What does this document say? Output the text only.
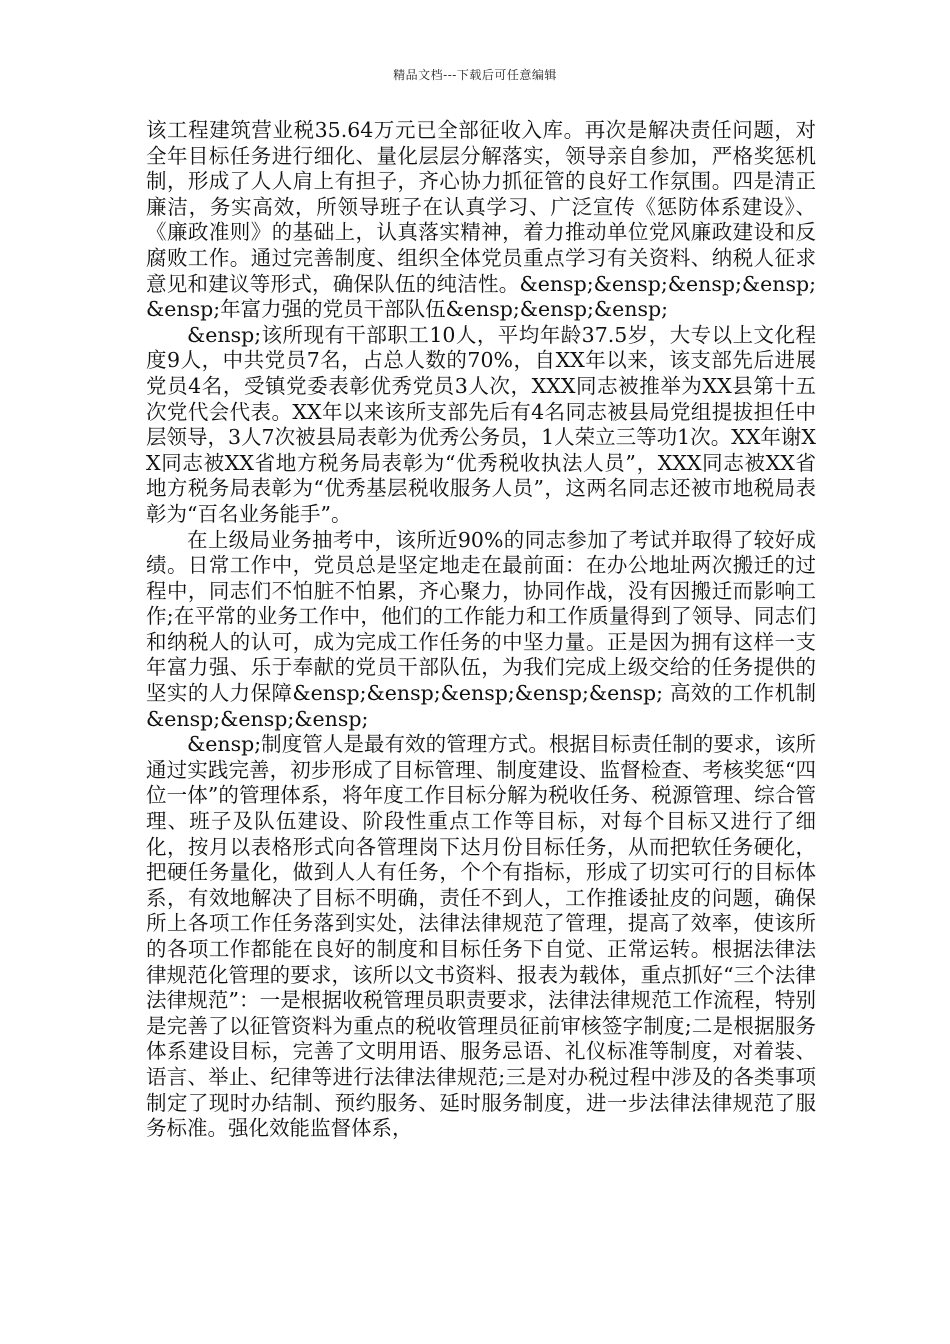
精品文档---下载后可任意编辑

该工程建筑营业税35.64万元已全部征收入库。再次是解决责任问题，对全年目标任务进行细化、量化层层分解落实，领导亲自参加，严格奖惩机制，形成了人人肩上有担子，齐心协力抓征管的良好工作氛围。四是清正廉洁，务实高效，所领导班子在认真学习、广泛宣传《惩防体系建设》、《廉政准则》的基础上，认真落实精神，着力推动单位党风廉政建设和反腐败工作。通过完善制度、组织全体党员重点学习有关资料、纳税人征求意见和建议等形式，确保队伍的纯洁性。&ensp;&ensp;&ensp;&ensp;&ensp;年富力强的党员干部队伍&ensp;&ensp;&ensp;

&ensp;该所现有干部职工10人，平均年龄37.5岁，大专以上文化程度9人，中共党员7名，占总人数的70%，自XX年以来，该支部先后进展党员4名，受镇党委表彰优秀党员3人次，XXX同志被推举为XX县第十五次党代会代表。XX年以来该所支部先后有4名同志被县局党组提拔担任中层领导，3人7次被县局表彰为优秀公务员，1人荣立三等功1次。XX年谢XX同志被XX省地方税务局表彰为“优秀税收执法人员”，XXX同志被XX省地方税务局表彰为“优秀基层税收服务人员”，这两名同志还被市地税局表彰为“百名业务能手”。

在上级局业务抽考中，该所近90%的同志参加了考试并取得了较好成绩。日常工作中，党员总是坚定地走在最前面：在办公地址两次搬迁的过程中，同志们不怕脏不怕累，齐心聚力，协同作战，没有因搬迁而影响工作;在平常的业务工作中，他们的工作能力和工作质量得到了领导、同志们和纳税人的认可，成为完成工作任务的中坚力量。正是因为拥有这样一支年富力强、乐于奉献的党员干部队伍，为我们完成上级交给的任务提供的坚实的人力保障&ensp;&ensp;&ensp;&ensp;&ensp; 高效的工作机制&ensp;&ensp;&ensp;

&ensp;制度管人是最有效的管理方式。根据目标责任制的要求，该所通过实践完善，初步形成了目标管理、制度建设、监督检查、考核奖惩“四位一体”的管理体系，将年度工作目标分解为税收任务、税源管理、综合管理、班子及队伍建设、阶段性重点工作等目标，对每个目标又进行了细化，按月以表格形式向各管理岗下达月份目标任务，从而把软任务硬化，把硬任务量化，做到人人有任务，个个有指标，形成了切实可行的目标体系，有效地解决了目标不明确，责任不到人，工作推诿扯皮的问题，确保所上各项工作任务落到实处，法律法律规范了管理，提高了效率，使该所的各项工作都能在良好的制度和目标任务下自觉、正常运转。根据法律法律规范化管理的要求，该所以文书资料、报表为载体，重点抓好“三个法律法律规范”：一是根据收税管理员职责要求，法律法律规范工作流程，特别是完善了以征管资料为重点的税收管理员征前审核签字制度;二是根据服务体系建设目标，完善了文明用语、服务忌语、礼仪标准等制度，对着装、语言、举止、纪律等进行法律法律规范;三是对办税过程中涉及的各类事项制定了现时办结制、预约服务、延时服务制度，进一步法律法律规范了服务标准。强化效能监督体系，
